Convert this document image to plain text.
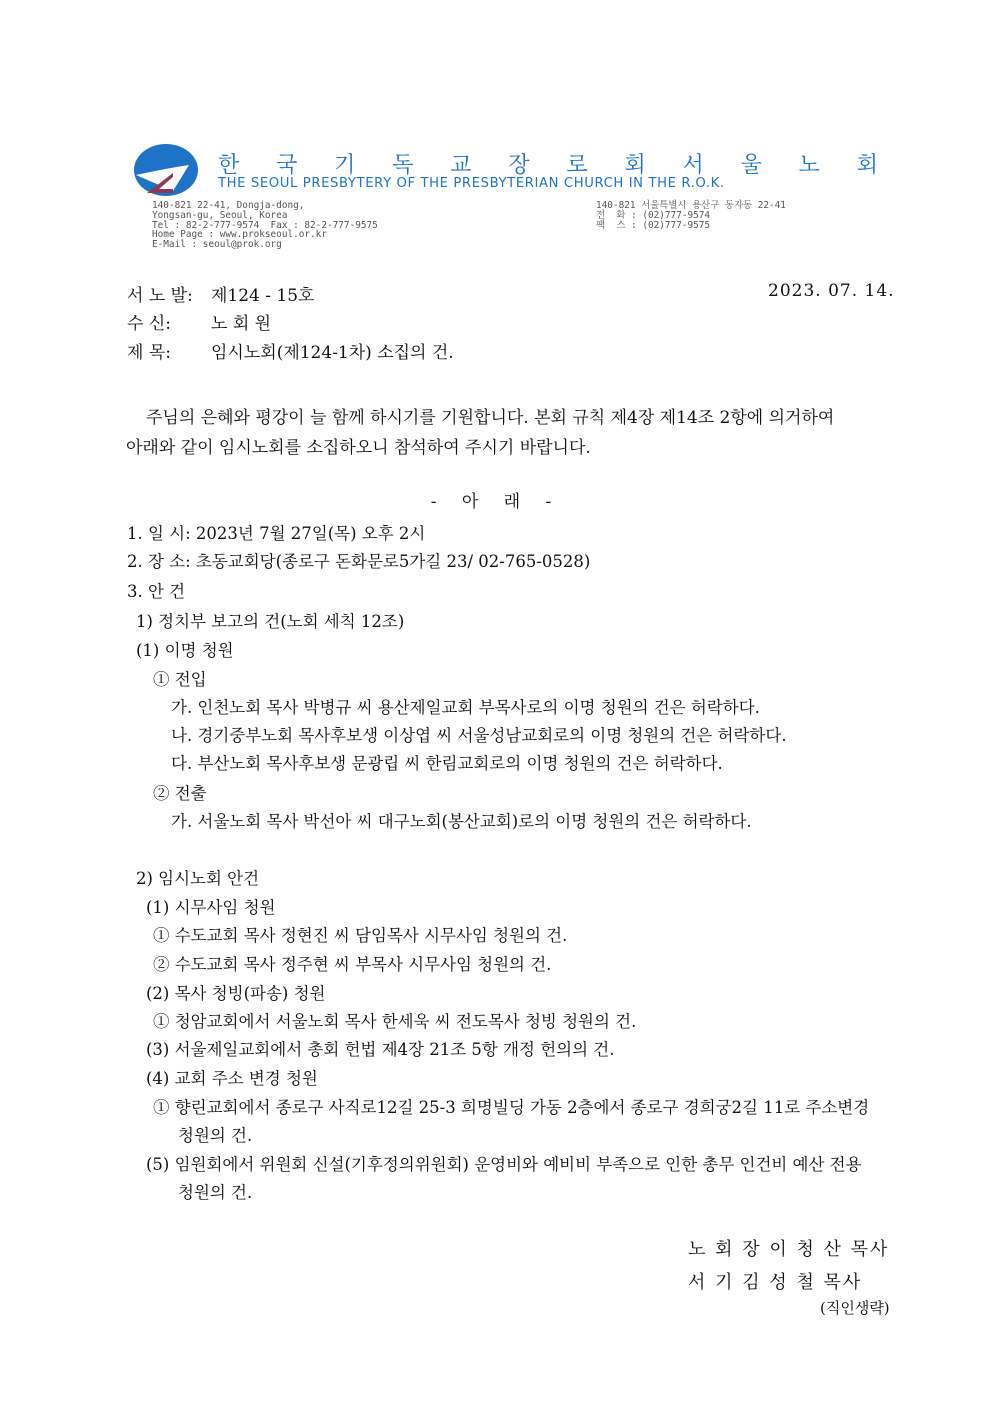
한 국 기 독 교 장 로 회 서 울 노 회
THE SEOUL PRESBYTERY OF THE PRESBYTERIAN CHURCH IN THE R.O.K.
140-821 22-41, Dongja-dong,
Yongsan-gu, Seoul, Korea
Tel : 82-2-777-9574  Fax : 82-2-777-9575
Home Page : www.prokseoul.or.kr
E-Mail : seoul@prok.org
140-821 서울특별시 용산구 동자동 22-41
전  화 : (02)777-9574
팩  스 : (02)777-9575
서 노 발: 제124 - 15호	2023. 07. 14.
수 신: 노 회 원
제 목: 임시노회(제124-1차) 소집의 건.

주님의 은혜와 평강이 늘 함께 하시기를 기원합니다. 본회 규칙 제4장 제14조 2항에 의거하여

아래와 같이 임시노회를 소집하오니 참석하여 주시기 바랍니다.

- 아 래 -
1. 일 시: 2023년 7월 27일(목) 오후 2시
2. 장 소: 초동교회당(종로구 돈화문로5가길 23/ 02-765-0528)
3. 안 건
1) 정치부 보고의 건(노회 세칙 12조)
(1) 이명 청원
① 전입
가. 인천노회 목사 박병규 씨 용산제일교회 부목사로의 이명 청원의 건은 허락하다.
나. 경기중부노회 목사후보생 이상엽 씨 서울성남교회로의 이명 청원의 건은 허락하다.
다. 부산노회 목사후보생 문광립 씨 한림교회로의 이명 청원의 건은 허락하다.
② 전출
가. 서울노회 목사 박선아 씨 대구노회(봉산교회)로의 이명 청원의 건은 허락하다.
2) 임시노회 안건
(1) 시무사임 청원
① 수도교회 목사 정현진 씨 담임목사 시무사임 청원의 건.
② 수도교회 목사 정주현 씨 부목사 시무사임 청원의 건.
(2) 목사 청빙(파송) 청원
① 청암교회에서 서울노회 목사 한세욱 씨 전도목사 청빙 청원의 건.
(3) 서울제일교회에서 총회 헌법 제4장 21조 5항 개정 헌의의 건.
(4) 교회 주소 변경 청원
① 향린교회에서 종로구 사직로12길 25-3 희명빌딩 가동 2층에서 종로구 경희궁2길 11로 주소변경
청원의 건.
(5) 임원회에서 위원회 신설(기후정의위원회) 운영비와 예비비 부족으로 인한 총무 인건비 예산 전용
청원의 건.
노 회 장 이 청 산 목사
서 기 김 성 철 목사
(직인생략)
